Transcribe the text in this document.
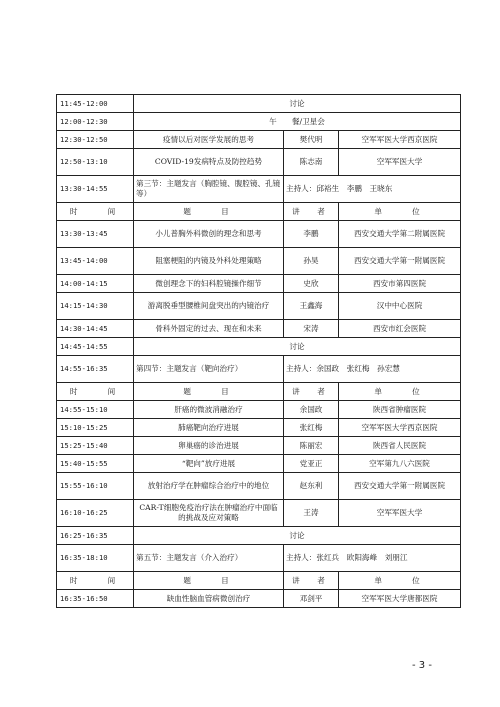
11:45-12:00	讨论		
12:00-12:30	午　　餐/卫星会		
12:30-12:50	疫情以后对医学发展的思考	樊代明	空军军医大学西京医院
12:50-13:10	COVID-19发病特点及防控趋势	陈志南	空军军医大学
13:30-14:55	第三节：主题发言（胸腔镜、腹腔镜、孔镜等）	主持人：邱裕生　李鹏　王晓东	
时　　间	题　　目	讲　者	单　　位
13:30-13:45	小儿普胸外科微创的理念和思考	李鹏	西安交通大学第二附属医院
13:45-14:00	阻塞梗阻的内镜及外科处理策略	孙昊	西安交通大学第一附属医院
14:00-14:15	微创理念下的妇科腔镜操作细节	史欣	西安市第四医院
14:15-14:30	游离脱垂型腰椎间盘突出的内镜治疗	王鑫海	汉中中心医院
14:30-14:45	骨科外固定的过去、现在和未来	宋涛	西安市红会医院
14:45-14:55	讨论		
14:55-16:35	第四节：主题发言（靶向治疗）	主持人：余国政　张红梅　孙宏慧	
时　　间	题　　目	讲　者	单　　位
14:55-15:10	肝癌的微波消融治疗	余国政	陕西省肿瘤医院
15:10-15:25	肺癌靶向治疗进展	张红梅	空军军医大学西京医院
15:25-15:40	卵巢癌的诊治进展	陈丽宏	陕西省人民医院
15:40-15:55	“靶向”放疗进展	党亚正	空军第九八六医院
15:55-16:10	放射治疗学在肿瘤综合治疗中的地位	赵东利	西安交通大学第一附属医院
16:10-16:25	CAR-T细胞免疫治疗法在肿瘤治疗中面临的挑战及应对策略	王涛	空军军医大学
16:25-16:35	讨论		
16:35-18:10	第五节：主题发言（介入治疗）	主持人：张红兵　欧阳海峰　刘朋江	
时　　间	题　　目	讲　者	单　　位
16:35-16:50	缺血性脑血管病微创治疗	邓剑平	空军军医大学唐都医院
- 3 -
